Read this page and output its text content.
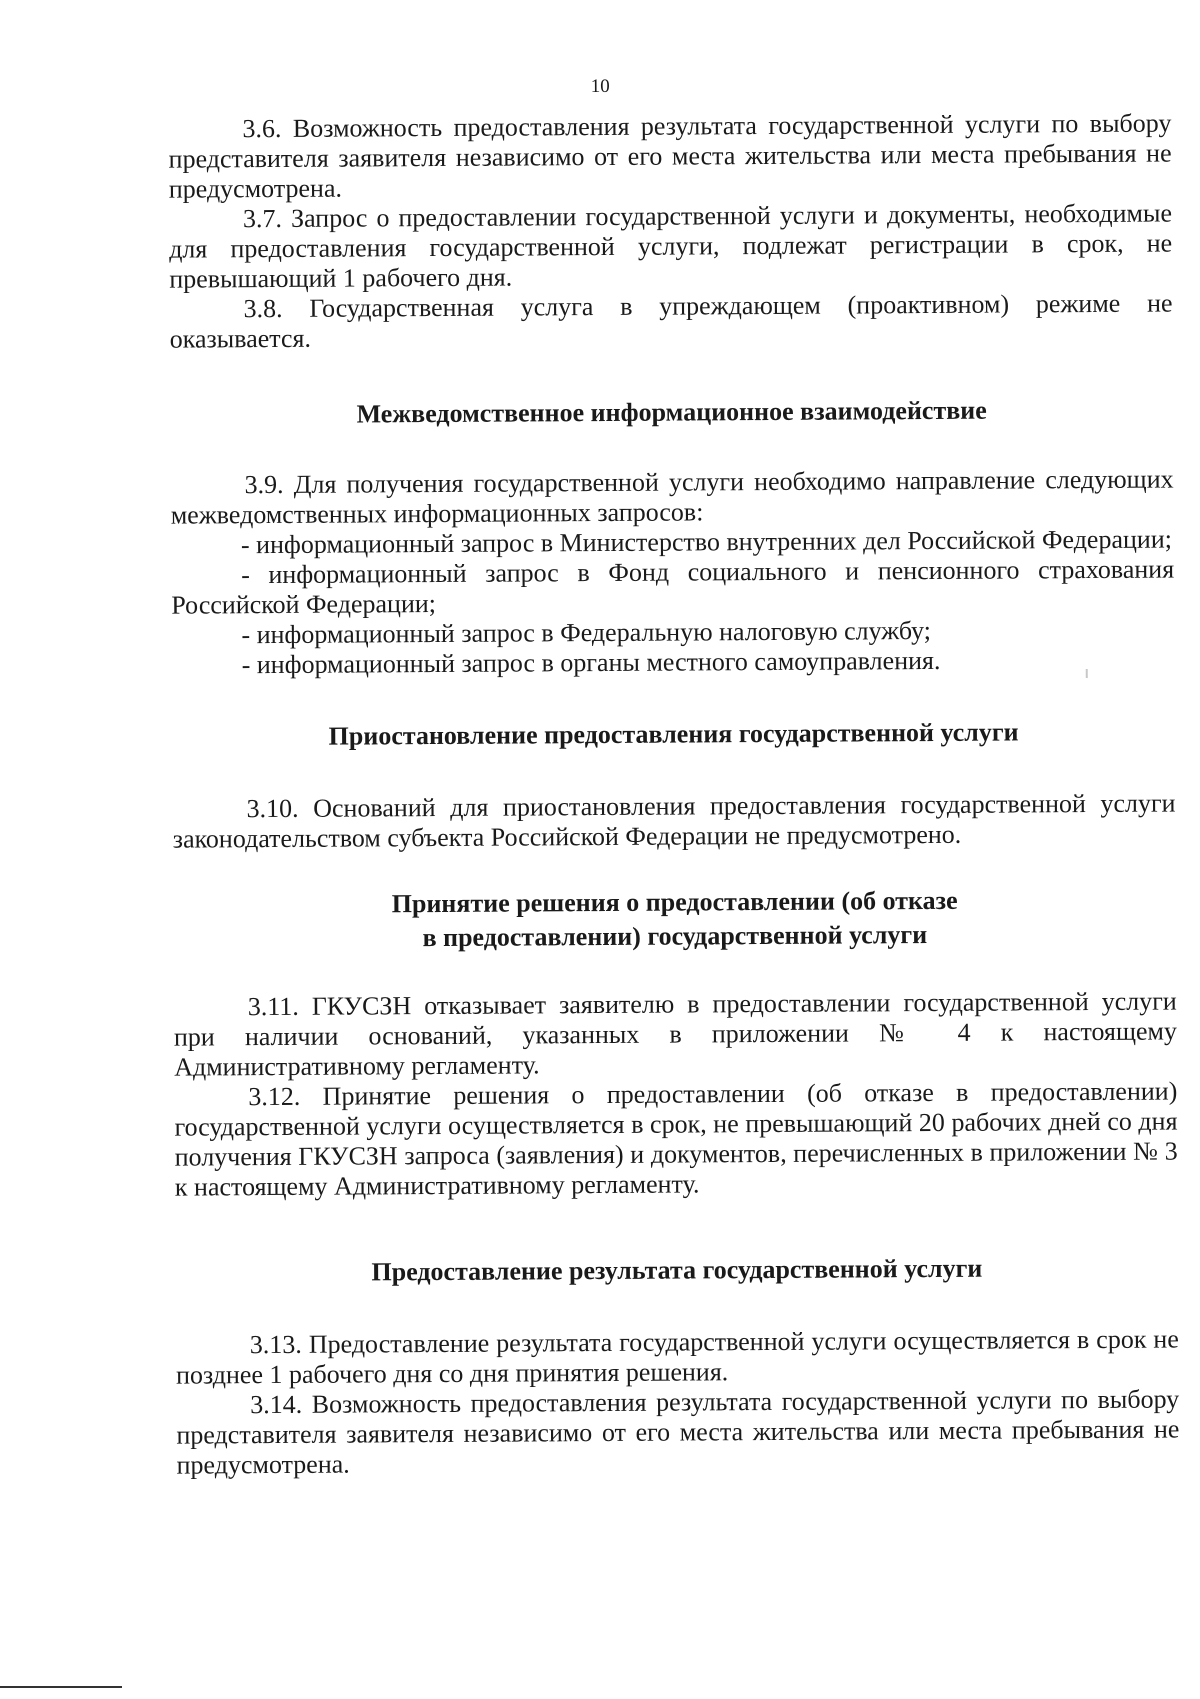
10

3.6. Возможность предоставления результата государственной услуги по выбору представителя заявителя независимо от его места жительства или места пребывания не предусмотрена.

3.7. Запрос о предоставлении государственной услуги и документы, необходимые для предоставления государственной услуги, подлежат регистрации в срок, не превышающий 1 рабочего дня.

3.8. Государственная услуга в упреждающем (проактивном) режиме не оказывается.

Межведомственное информационное взаимодействие

3.9. Для получения государственной услуги необходимо направление следующих межведомственных информационных запросов:

- информационный запрос в Министерство внутренних дел Российской Федерации;

- информационный запрос в Фонд социального и пенсионного страхования Российской Федерации;

- информационный запрос в Федеральную налоговую службу;

- информационный запрос в органы местного самоуправления.

Приостановление предоставления государственной услуги

3.10. Оснований для приостановления предоставления государственной услуги законодательством субъекта Российской Федерации не предусмотрено.

Принятие решения о предоставлении (об отказе
в предоставлении) государственной услуги

3.11. ГКУСЗН отказывает заявителю в предоставлении государственной услуги при наличии оснований, указанных в приложении № 4 к настоящему Административному регламенту.

3.12. Принятие решения о предоставлении (об отказе в предоставлении) государственной услуги осуществляется в срок, не превышающий 20 рабочих дней со дня получения ГКУСЗН запроса (заявления) и документов, перечисленных в приложении № 3 к настоящему Административному регламенту.

Предоставление результата государственной услуги

3.13. Предоставление результата государственной услуги осуществляется в срок не позднее 1 рабочего дня со дня принятия решения.

3.14. Возможность предоставления результата государственной услуги по выбору представителя заявителя независимо от его места жительства или места пребывания не предусмотрена.
